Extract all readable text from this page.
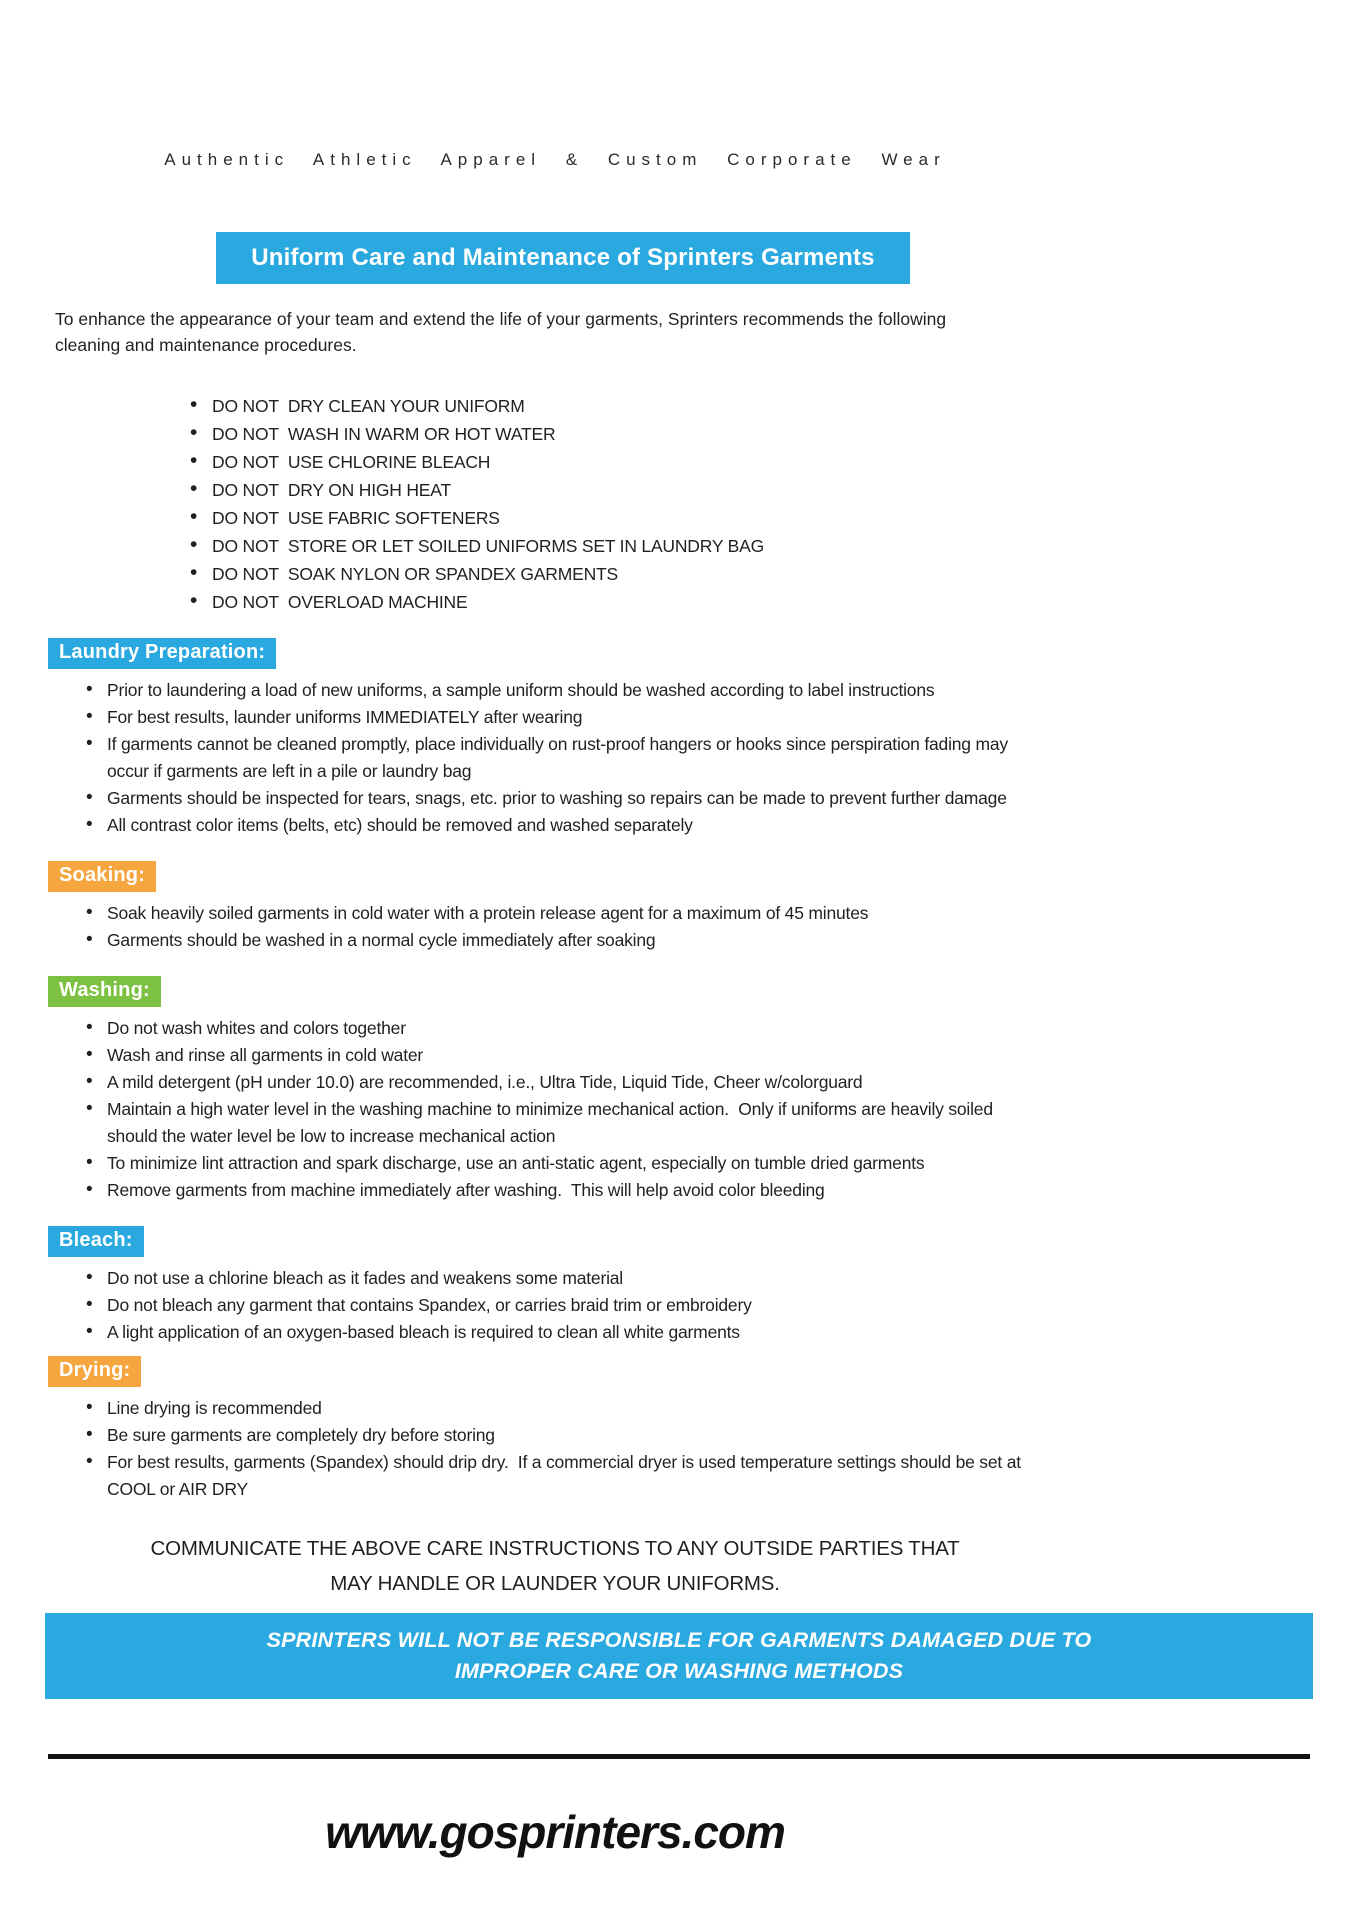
Authentic Athletic Apparel & Custom Corporate Wear
Uniform Care and Maintenance of Sprinters Garments

To enhance the appearance of your team and extend the life of your garments, Sprinters recommends the following cleaning and maintenance procedures.

• DO NOT  DRY CLEAN YOUR UNIFORM
• DO NOT  WASH IN WARM OR HOT WATER
• DO NOT  USE CHLORINE BLEACH
• DO NOT  DRY ON HIGH HEAT
• DO NOT  USE FABRIC SOFTENERS
• DO NOT  STORE OR LET SOILED UNIFORMS SET IN LAUNDRY BAG
• DO NOT  SOAK NYLON OR SPANDEX GARMENTS
• DO NOT  OVERLOAD MACHINE
Laundry Preparation:
• Prior to laundering a load of new uniforms, a sample uniform should be washed according to label instructions
• For best results, launder uniforms IMMEDIATELY after wearing
• If garments cannot be cleaned promptly, place individually on rust-proof hangers or hooks since perspiration fading may occur if garments are left in a pile or laundry bag
• Garments should be inspected for tears, snags, etc. prior to washing so repairs can be made to prevent further damage
• All contrast color items (belts, etc) should be removed and washed separately
Soaking:
• Soak heavily soiled garments in cold water with a protein release agent for a maximum of 45 minutes
• Garments should be washed in a normal cycle immediately after soaking
Washing:
• Do not wash whites and colors together
• Wash and rinse all garments in cold water
• A mild detergent (pH under 10.0) are recommended, i.e., Ultra Tide, Liquid Tide, Cheer w/colorguard
• Maintain a high water level in the washing machine to minimize mechanical action.  Only if uniforms are heavily soiled should the water level be low to increase mechanical action
• To minimize lint attraction and spark discharge, use an anti-static agent, especially on tumble dried garments
• Remove garments from machine immediately after washing.  This will help avoid color bleeding
Bleach:
• Do not use a chlorine bleach as it fades and weakens some material
• Do not bleach any garment that contains Spandex, or carries braid trim or embroidery
• A light application of an oxygen-based bleach is required to clean all white garments
Drying:
• Line drying is recommended
• Be sure garments are completely dry before storing
• For best results, garments (Spandex) should drip dry.  If a commercial dryer is used temperature settings should be set at COOL or AIR DRY
COMMUNICATE THE ABOVE CARE INSTRUCTIONS TO ANY OUTSIDE PARTIES THAT
MAY HANDLE OR LAUNDER YOUR UNIFORMS.
SPRINTERS WILL NOT BE RESPONSIBLE FOR GARMENTS DAMAGED DUE TO
IMPROPER CARE OR WASHING METHODS
www.gosprinters.com
